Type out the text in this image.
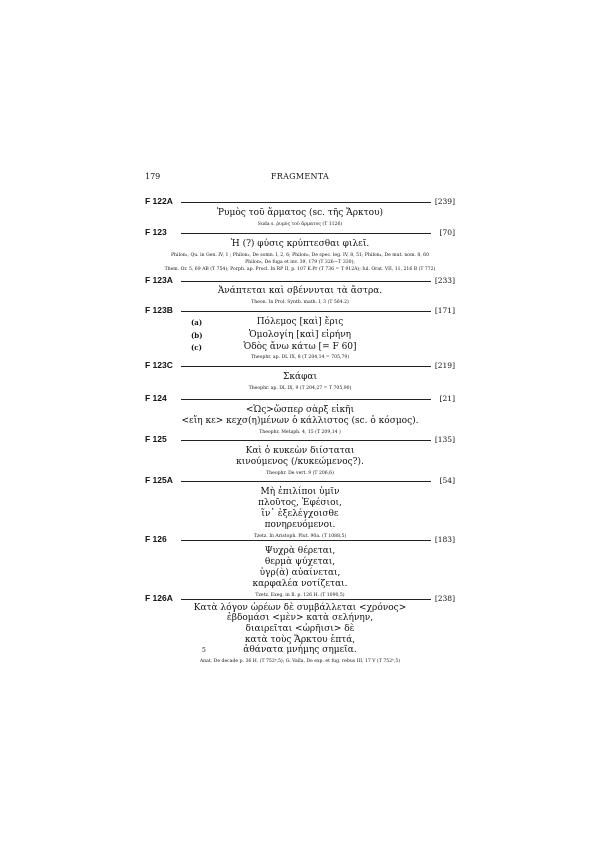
179	FRAGMENTA
F 122A	[239]
Ῥυμὸς τοῦ ἅρματος (sc. τῆς Ἄρκτου)
Suda s. ῥυμὸς τοῦ ἅρματος (T 1126)
F 123	[70]
Ἡ (?) φύσις κρύπτεσθαι φιλεῖ.
Philon₁, Qu. in Gen. IV, 1 ; Philon₂, De somn. I, 2, 6; Philon₃, De spec. leg. IV, 8, 51; Philon₄, De mut. nom. 8, 60
Philon₅, De fuga et inv. 39, 179 (T 326—T 330);
Them. Or. 5, 69 AB (T 754); Porph. ap. Procl. In RP II, p. 107 K.Pr (T 736 = T 912A); Iul. Orat. VII, 11, 216 B (T 772)
F 123A	[233]
Ἀνάπτεται καὶ σβέννυται τὰ ἄστρα.
Theon. In Prol. Syntb. math. I, 3 (T 564.2)
F 123B	[171]
(a)	Πόλεμος [καὶ] ἔρις
(b)	Ὁμολογίη [καὶ] εἰρήνη
(c)	Ὁδὸς ἄνω κάτω [= F 60]
Theophr. ap. DL IX, 8 (T 204,14 = 705,79)
F 123C	[219]
Σκάφαι
Theophr. ap. DL IX, 9 (T 204,27 = T 705,90)
F 124	[21]
<Ὡς>ὥσπερ σὰρξ εἰκῆι
<εἴη κε> κεχσ(η)μένων ὁ κάλλιστος (sc. ὁ κόσμος).
Theophr. Metaph. 4, 15 (T 209,14 )
F 125	[135]
Καὶ ὁ κυκεὼν διίσταται
κινούμενος (/κυκεώμενος?).
Theophr. De vert. 9 (T 206,6)
F 125A	[54]
Μὴ ἐπιλίποι ὑμῖν
πλοῦτος, Ἐφέσιοι,
ἵν᾿ ἐξελέγχοισθε
πονηρευόμενοι.
Tzetz. In Aristoph. Plut. 90a. (T 1088,5)
F 126	[183]
Ψυχρὰ θέρεται,
θερμὰ ψύχεται,
ὑγρ(ὰ) αὐαίνεται,
καρφαλέα νοτίζεται.
Tzetz. Exeg. in Il. p. 126 H. (T 1090,5)
F 126A	[238]
Κατὰ λόγον ὡρέων δὲ συμβάλλεται <χρόνος>
ἑβδομάσι <μὲν> κατὰ σελήνην,
διαιρεῖται <ὡρῆισι> δὲ
κατὰ τοὺς Ἄρκτου ἑπτά,
5	ἀθάνατα μνήμης σημεῖα.
Anat. De decade p. 36 H. (T 752ᵃ,5); G. Valla, De exp. et fug. rebus III, 17 V (T 752ᵇ,5)
